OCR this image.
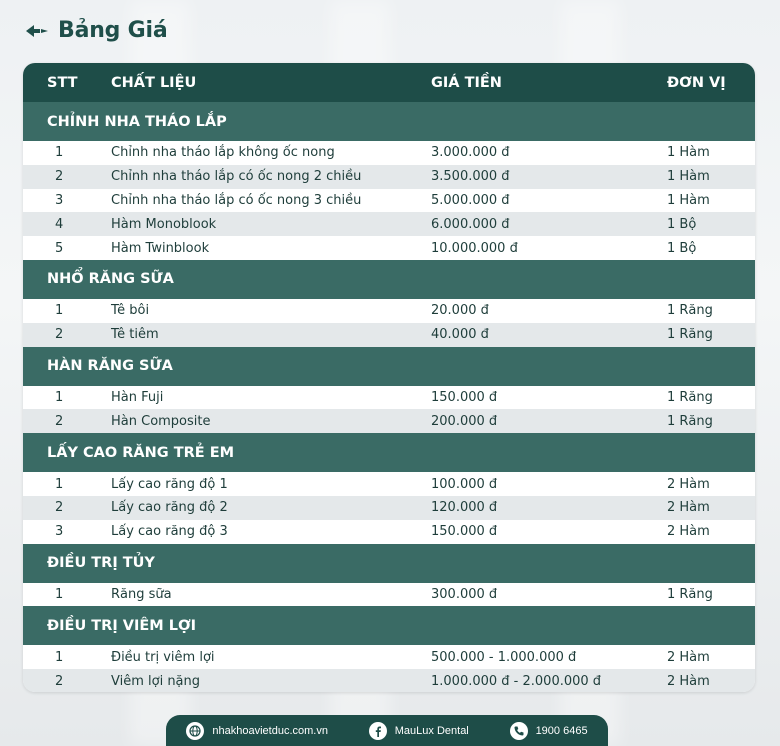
Bảng Giá
STT CHẤT LIỆU	GIÁ TIỀN	ĐƠN VỊ
CHỈNH NHA THÁO LẮP
1	Chỉnh nha tháo lắp không ốc nong	3.000.000 đ	1 Hàm
2	Chỉnh nha tháo lắp có ốc nong 2 chiều	3.500.000 đ	1 Hàm
3	Chỉnh nha tháo lắp có ốc nong 3 chiều	5.000.000 đ	1 Hàm
4	Hàm Monoblook	6.000.000 đ	1 Bộ
5	Hàm Twinblook	10.000.000 đ	1 Bộ
NHỔ RĂNG SỮA
1	Tê bôi	20.000 đ	1 Răng
2	Tê tiêm	40.000 đ	1 Răng
HÀN RĂNG SỮA
1	Hàn Fuji	150.000 đ	1 Răng
2	Hàn Composite	200.000 đ	1 Răng
LẤY CAO RĂNG TRẺ EM
1	Lấy cao răng độ 1	100.000 đ	2 Hàm
2	Lấy cao răng độ 2	120.000 đ	2 Hàm
3	Lấy cao răng độ 3	150.000 đ	2 Hàm
ĐIỀU TRỊ TỦY
1	Răng sữa	300.000 đ	1 Răng
ĐIỀU TRỊ VIÊM LỢI
1	Điều trị viêm lợi	500.000 - 1.000.000 đ	2 Hàm
2	Viêm lợi nặng	1.000.000 đ - 2.000.000 đ	2 Hàm
nhakhoavietduc.com.vn	MauLux Dental	1900 6465
